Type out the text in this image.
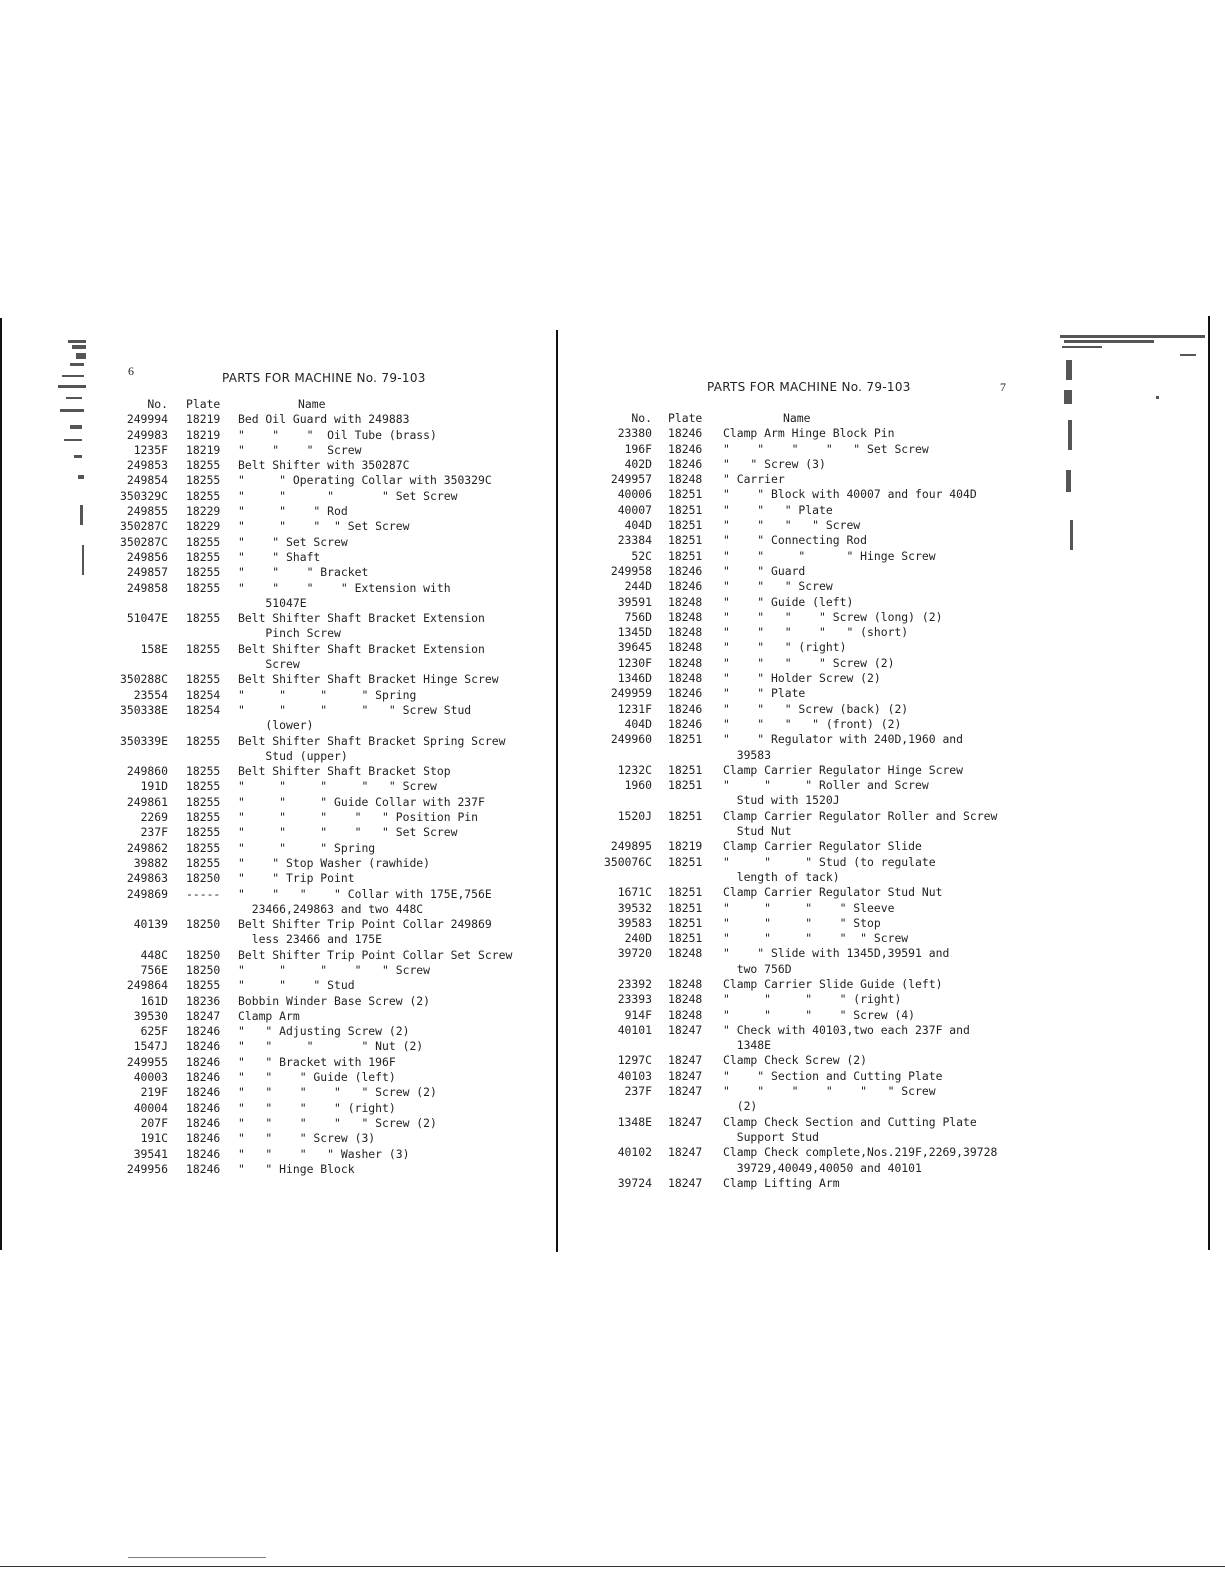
6	PARTS FOR MACHINE No. 79-103
No. Plate	Name
249994 18219 Bed Oil Guard with 249883
249983 18219 "    "    "  Oil Tube (brass)
1235F 18219 "    "    "  Screw
249853 18255 Belt Shifter with 350287C
249854 18255 "     " Operating Collar with 350329C
350329C 18255 "     "      "       " Set Screw
249855 18229 "     "    " Rod
350287C 18229 "     "    "  " Set Screw
350287C 18255 "    " Set Screw
249856 18255 "    " Shaft
249857 18255 "    "    " Bracket
249858 18255 "    "    "    " Extension with
51047E
51047E 18255 Belt Shifter Shaft Bracket Extension
Pinch Screw
158E 18255 Belt Shifter Shaft Bracket Extension
Screw
350288C 18255 Belt Shifter Shaft Bracket Hinge Screw
23554 18254 "     "     "     " Spring
350338E 18254 "     "     "     "   " Screw Stud
(lower)
350339E 18255 Belt Shifter Shaft Bracket Spring Screw
Stud (upper)
249860 18255 Belt Shifter Shaft Bracket Stop
191D 18255 "     "     "     "   " Screw
249861 18255 "     "     " Guide Collar with 237F
2269 18255 "     "     "    "   " Position Pin
237F 18255 "     "     "    "   " Set Screw
249862 18255 "     "     " Spring
39882 18255 "    " Stop Washer (rawhide)
249863 18250 "    " Trip Point
249869 ----- "    "   "    " Collar with 175E,756E
23466,249863 and two 448C
40139 18250 Belt Shifter Trip Point Collar 249869
less 23466 and 175E
448C 18250 Belt Shifter Trip Point Collar Set Screw
756E 18250 "     "     "    "   " Screw
249864 18255 "     "    " Stud
161D 18236 Bobbin Winder Base Screw (2)
39530 18247 Clamp Arm
625F 18246 "   " Adjusting Screw (2)
1547J 18246 "   "     "       " Nut (2)
249955 18246 "   " Bracket with 196F
40003 18246 "   "    " Guide (left)
219F 18246 "   "    "    "   " Screw (2)
40004 18246 "   "    "    " (right)
207F 18246 "   "    "    "   " Screw (2)
191C 18246 "   "    " Screw (3)
39541 18246 "   "    "   " Washer (3)
249956 18246 "   " Hinge Block
PARTS FOR MACHINE No. 79-103	7
No. Plate	Name
23380 18246 Clamp Arm Hinge Block Pin
196F 18246 "    "    "    "   " Set Screw
402D 18246 "   " Screw (3)
249957 18248 " Carrier
40006 18251 "    " Block with 40007 and four 404D
40007 18251 "    "   " Plate
404D 18251 "    "   "   " Screw
23384 18251 "    " Connecting Rod
52C 18251 "    "     "      " Hinge Screw
249958 18246 "    " Guard
244D 18246 "    "   " Screw
39591 18248 "    " Guide (left)
756D 18248 "    "   "    " Screw (long) (2)
1345D 18248 "    "   "    "   " (short)
39645 18248 "    "   " (right)
1230F 18248 "    "   "    " Screw (2)
1346D 18248 "    " Holder Screw (2)
249959 18246 "    " Plate
1231F 18246 "    "   " Screw (back) (2)
404D 18246 "    "   "   " (front) (2)
249960 18251 "    " Regulator with 240D,1960 and
39583
1232C 18251 Clamp Carrier Regulator Hinge Screw
1960 18251 "     "     " Roller and Screw
Stud with 1520J
1520J 18251 Clamp Carrier Regulator Roller and Screw
Stud Nut
249895 18219 Clamp Carrier Regulator Slide
350076C 18251 "     "     " Stud (to regulate
length of tack)
1671C 18251 Clamp Carrier Regulator Stud Nut
39532 18251 "     "     "    " Sleeve
39583 18251 "     "     "    " Stop
240D 18251 "     "     "    "  " Screw
39720 18248 "    " Slide with 1345D,39591 and
two 756D
23392 18248 Clamp Carrier Slide Guide (left)
23393 18248 "     "     "    " (right)
914F 18248 "     "     "    " Screw (4)
40101 18247 " Check with 40103,two each 237F and
1348E
1297C 18247 Clamp Check Screw (2)
40103 18247 "    " Section and Cutting Plate
237F 18247 "    "    "    "    "   " Screw
(2)
1348E 18247 Clamp Check Section and Cutting Plate
Support Stud
40102 18247 Clamp Check complete,Nos.219F,2269,39728
39729,40049,40050 and 40101
39724 18247 Clamp Lifting Arm
